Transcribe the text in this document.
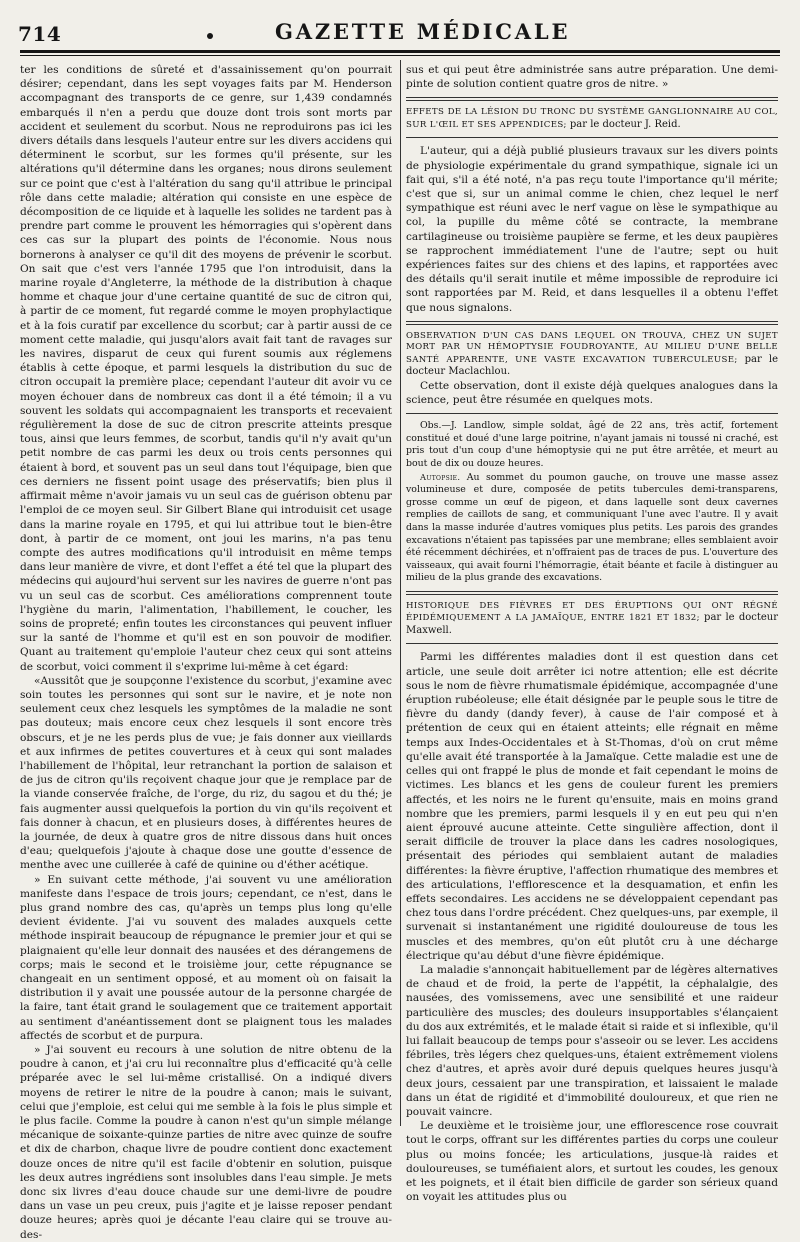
714	GAZETTE MÉDICALE

ter les conditions de sûreté et d'assainissement qu'on pourrait désirer; cependant, dans les sept voyages faits par M. Henderson accompagnant des transports de ce genre, sur 1,439 condamnés embarqués il n'en a perdu que douze dont trois sont morts par accident et seulement du scorbut. Nous ne reproduirons pas ici les divers détails dans lesquels l'auteur entre sur les divers accidens qui déterminent le scorbut, sur les formes qu'il présente, sur les altérations qu'il détermine dans les organes; nous dirons seulement sur ce point que c'est à l'altération du sang qu'il attribue le principal rôle dans cette maladie; altération qui consiste en une espèce de décomposition de ce liquide et à laquelle les solides ne tardent pas à prendre part comme le prouvent les hémorragies qui s'opèrent dans ces cas sur la plupart des points de l'économie. Nous nous bornerons à analyser ce qu'il dit des moyens de prévenir le scorbut. On sait que c'est vers l'année 1795 que l'on introduisit, dans la marine royale d'Angleterre, la méthode de la distribution à chaque homme et chaque jour d'une certaine quantité de suc de citron qui, à partir de ce moment, fut regardé comme le moyen prophylactique et à la fois curatif par excellence du scorbut; car à partir aussi de ce moment cette maladie, qui jusqu'alors avait fait tant de ravages sur les navires, disparut de ceux qui furent soumis aux réglemens établis à cette époque, et parmi lesquels la distribution du suc de citron occupait la première place; cependant l'auteur dit avoir vu ce moyen échouer dans de nombreux cas dont il a été témoin; il a vu souvent les soldats qui accompagnaient les transports et recevaient régulièrement la dose de suc de citron prescrite atteints presque tous, ainsi que leurs femmes, de scorbut, tandis qu'il n'y avait qu'un petit nombre de cas parmi les deux ou trois cents personnes qui étaient à bord, et souvent pas un seul dans tout l'équipage, bien que ces derniers ne fissent point usage des préservatifs; bien plus il affirmait même n'avoir jamais vu un seul cas de guérison obtenu par l'emploi de ce moyen seul. Sir Gilbert Blane qui introduisit cet usage dans la marine royale en 1795, et qui lui attribue tout le bien-être dont, à partir de ce moment, ont joui les marins, n'a pas tenu compte des autres modifications qu'il introduisit en même temps dans leur manière de vivre, et dont l'effet a été tel que la plupart des médecins qui aujourd'hui servent sur les navires de guerre n'ont pas vu un seul cas de scorbut. Ces améliorations comprennent toute l'hygiène du marin, l'alimentation, l'habillement, le coucher, les soins de propreté; enfin toutes les circonstances qui peuvent influer sur la santé de l'homme et qu'il est en son pouvoir de modifier. Quant au traitement qu'emploie l'auteur chez ceux qui sont atteins de scorbut, voici comment il s'exprime lui-même à cet égard:

«Aussitôt que je soupçonne l'existence du scorbut, j'examine avec soin toutes les personnes qui sont sur le navire, et je note non seulement ceux chez lesquels les symptômes de la maladie ne sont pas douteux; mais encore ceux chez lesquels il sont encore très obscurs, et je ne les perds plus de vue; je fais donner aux vieillards et aux infirmes de petites couvertures et à ceux qui sont malades l'habillement de l'hôpital, leur retranchant la portion de salaison et de jus de citron qu'ils reçoivent chaque jour que je remplace par de la viande conservée fraîche, de l'orge, du riz, du sagou et du thé; je fais augmenter aussi quelquefois la portion du vin qu'ils reçoivent et fais donner à chacun, et en plusieurs doses, à différentes heures de la journée, de deux à quatre gros de nitre dissous dans huit onces d'eau; quelquefois j'ajoute à chaque dose une goutte d'essence de menthe avec une cuillerée à café de quinine ou d'éther acétique.

» En suivant cette méthode, j'ai souvent vu une amélioration manifeste dans l'espace de trois jours; cependant, ce n'est, dans le plus grand nombre des cas, qu'après un temps plus long qu'elle devient évidente. J'ai vu souvent des malades auxquels cette méthode inspirait beaucoup de répugnance le premier jour et qui se plaignaient qu'elle leur donnait des nausées et des dérangemens de corps; mais le second et le troisième jour, cette répugnance se changeait en un sentiment opposé, et au moment où on faisait la distribution il y avait une poussée autour de la personne chargée de la faire, tant était grand le soulagement que ce traitement apportait au sentiment d'anéantissement dont se plaignent tous les malades affectés de scorbut et de purpura.

» J'ai souvent eu recours à une solution de nitre obtenu de la poudre à canon, et j'ai cru lui reconnaître plus d'efficacité qu'à celle préparée avec le sel lui-même cristallisé. On a indiqué divers moyens de retirer le nitre de la poudre à canon; mais le suivant, celui que j'emploie, est celui qui me semble à la fois le plus simple et le plus facile. Comme la poudre à canon n'est qu'un simple mélange mécanique de soixante-quinze parties de nitre avec quinze de soufre et dix de charbon, chaque livre de poudre contient donc exactement douze onces de nitre qu'il est facile d'obtenir en solution, puisque les deux autres ingrédiens sont insolubles dans l'eau simple. Je mets donc six livres d'eau douce chaude sur une demi-livre de poudre dans un vase un peu creux, puis j'agite et je laisse reposer pendant douze heures; après quoi je décante l'eau claire qui se trouve au-des-

sus et qui peut être administrée sans autre préparation. Une demi-pinte de solution contient quatre gros de nitre. »

EFFETS DE LA LÉSION DU TRONC DU SYSTÈME GANGLIONNAIRE AU COL, SUR L'ŒIL ET SES APPENDICES; par le docteur J. Reid.

L'auteur, qui a déjà publié plusieurs travaux sur les divers points de physiologie expérimentale du grand sympathique, signale ici un fait qui, s'il a été noté, n'a pas reçu toute l'importance qu'il mérite; c'est que si, sur un animal comme le chien, chez lequel le nerf sympathique est réuni avec le nerf vague on lèse le sympathique au col, la pupille du même côté se contracte, la membrane cartilagineuse ou troisième paupière se ferme, et les deux paupières se rapprochent immédiatement l'une de l'autre; sept ou huit expériences faites sur des chiens et des lapins, et rapportées avec des détails qu'il serait inutile et même impossible de reproduire ici sont rapportées par M. Reid, et dans lesquelles il a obtenu l'effet que nous signalons.

OBSERVATION D'UN CAS DANS LEQUEL ON TROUVA, CHEZ UN SUJET MORT PAR UN HÉMOPTYSIE FOUDROYANTE, AU MILIEU D'UNE BELLE SANTÉ APPARENTE, UNE VASTE EXCAVATION TUBERCULEUSE; par le docteur Maclachlou.

Cette observation, dont il existe déjà quelques analogues dans la science, peut être résumée en quelques mots.

Obs.—J. Landlow, simple soldat, âgé de 22 ans, très actif, fortement constitué et doué d'une large poitrine, n'ayant jamais ni toussé ni craché, est pris tout d'un coup d'une hémoptysie qui ne put être arrêtée, et meurt au bout de dix ou douze heures.

Autopsie. Au sommet du poumon gauche, on trouve une masse assez volumineuse et dure, composée de petits tubercules demi-transparens, grosse comme un œuf de pigeon, et dans laquelle sont deux cavernes remplies de caillots de sang, et communiquant l'une avec l'autre. Il y avait dans la masse indurée d'autres vomiques plus petits. Les parois des grandes excavations n'étaient pas tapissées par une membrane; elles semblaient avoir été récemment déchirées, et n'offraient pas de traces de pus. L'ouverture des vaisseaux, qui avait fourni l'hémorragie, était béante et facile à distinguer au milieu de la plus grande des excavations.

HISTORIQUE DES FIÈVRES ET DES ÉRUPTIONS QUI ONT RÉGNÉ ÉPIDÉMIQUEMENT A LA JAMAÏQUE, ENTRE 1821 ET 1832; par le docteur Maxwell.

Parmi les différentes maladies dont il est question dans cet article, une seule doit arrêter ici notre attention; elle est décrite sous le nom de fièvre rhumatismale épidémique, accompagnée d'une éruption rubéoleuse; elle était désignée par le peuple sous le titre de fièvre du dandy (dandy fever), à cause de l'air composé et à prétention de ceux qui en étaient atteints; elle régnait en même temps aux Indes-Occidentales et à St-Thomas, d'où on crut même qu'elle avait été transportée à la Jamaïque. Cette maladie est une de celles qui ont frappé le plus de monde et fait cependant le moins de victimes. Les blancs et les gens de couleur furent les premiers affectés, et les noirs ne le furent qu'ensuite, mais en moins grand nombre que les premiers, parmi lesquels il y en eut peu qui n'en aient éprouvé aucune atteinte. Cette singulière affection, dont il serait difficile de trouver la place dans les cadres nosologiques, présentait des périodes qui semblaient autant de maladies différentes: la fièvre éruptive, l'affection rhumatique des membres et des articulations, l'efflorescence et la desquamation, et enfin les effets secondaires. Les accidens ne se développaient cependant pas chez tous dans l'ordre précédent. Chez quelques-uns, par exemple, il survenait si instantanément une rigidité douloureuse de tous les muscles et des membres, qu'on eût plutôt cru à une décharge électrique qu'au début d'une fièvre épidémique.

La maladie s'annonçait habituellement par de légères alternatives de chaud et de froid, la perte de l'appétit, la céphalalgie, des nausées, des vomissemens, avec une sensibilité et une raideur particulière des muscles; des douleurs insupportables s'élançaient du dos aux extrémités, et le malade était si raide et si inflexible, qu'il lui fallait beaucoup de temps pour s'asseoir ou se lever. Les accidens fébriles, très légers chez quelques-uns, étaient extrêmement violens chez d'autres, et après avoir duré depuis quelques heures jusqu'à deux jours, cessaient par une transpiration, et laissaient le malade dans un état de rigidité et d'immobilité douloureux, et que rien ne pouvait vaincre.

Le deuxième et le troisième jour, une efflorescence rose couvrait tout le corps, offrant sur les différentes parties du corps une couleur plus ou moins foncée; les articulations, jusque-là raides et douloureuses, se tuméfiaient alors, et surtout les coudes, les genoux et les poignets, et il était bien difficile de garder son sérieux quand on voyait les attitudes plus ou
